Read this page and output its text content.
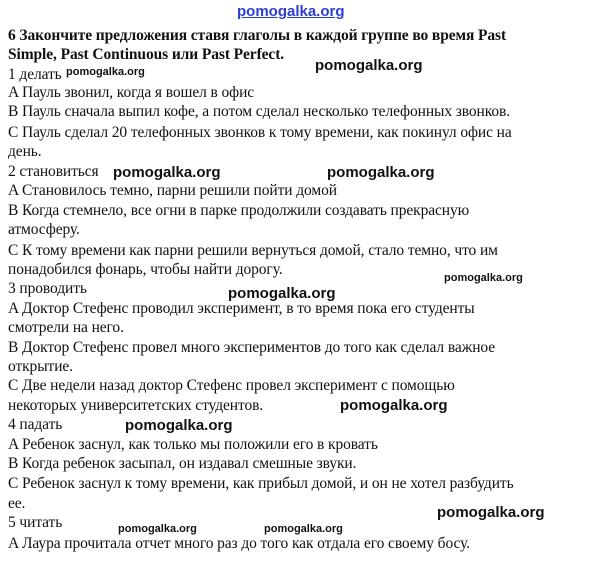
pomogalka.org
6 Закончите предложения ставя глаголы в каждой группе во время Past
Simple, Past Continuous или Past Perfect.
1 делать
A Пауль звонил, когда я вошел в офис
B Пауль сначала выпил кофе, а потом сделал несколько телефонных звонков.
C Пауль сделал 20 телефонных звонков к тому времени, как покинул офис на
день.
2 становиться
A Становилось темно, парни решили пойти домой
B Когда стемнело, все огни в парке продолжили создавать прекрасную
атмосферу.
C К тому времени как парни решили вернуться домой, стало темно, что им
понадобился фонарь, чтобы найти дорогу.
3 проводить
A Доктор Стефенс проводил эксперимент, в то время пока его студенты
смотрели на него.
B Доктор Стефенс провел много экспериментов до того как сделал важное
открытие.
C Две недели назад доктор Стефенс провел эксперимент с помощью
некоторых университетских студентов.
4 падать
A Ребенок заснул, как только мы положили его в кровать
B Когда ребенок засыпал, он издавал смешные звуки.
C Ребенок заснул к тому времени, как прибыл домой, и он не хотел разбудить
ее.
5 читать
A Лаура прочитала отчет много раз до того как отдала его своему босу.
pomogalka.org	pomogalka.org
pomogalka.org	pomogalka.org
pomogalka.org
pomogalka.org
pomogalka.org
pomogalka.org
pomogalka.org
pomogalka.org	pomogalka.org
